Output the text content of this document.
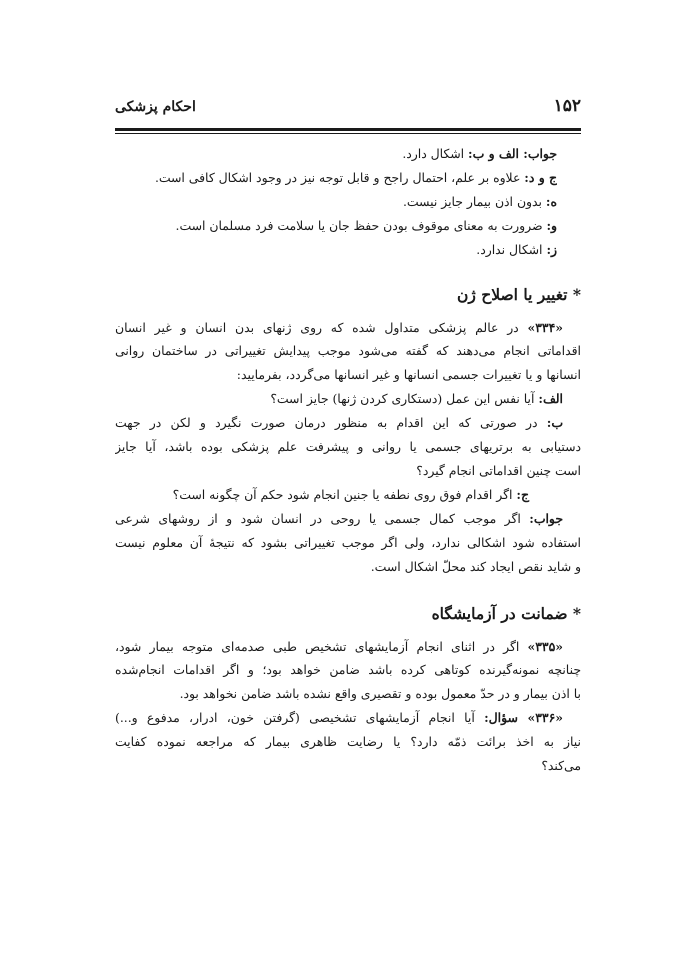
۱۵۲
احکام پزشکی
جواب: الف و ب: اشکال دارد.
ج و د: علاوه بر علم، احتمال راجح و قابل توجه نیز در وجود اشکال کافی است.
ه: بدون اذن بیمار جایز نیست.
و: ضرورت به معنای موقوف بودن حفظ جان یا سلامت فرد مسلمان است.
ز: اشکال ندارد.
* تغییر یا اصلاح ژن
«۳۳۴» در عالم پزشکی متداول شده که روی ژنهای بدن انسان و غیر انسان
اقداماتی انجام می‌دهند که گفته می‌شود موجب پیدایش تغییراتی در ساختمان روانی
انسانها و یا تغییرات جسمی انسانها و غیر انسانها می‌گردد، بفرمایید:
الف: آیا نفس این عمل (دستکاری کردن ژنها) جایز است؟
ب: در صورتی که این اقدام به منظور درمان صورت نگیرد و لکن در جهت
دستیابی به برتریهای جسمی یا روانی و پیشرفت علم پزشکی بوده باشد، آیا جایز
است چنین اقداماتی انجام گیرد؟
ج: اگر اقدام فوق روی نطفه یا جنین انجام شود حکم آن چگونه است؟
جواب: اگر موجب کمال جسمی یا روحی در انسان شود و از روشهای شرعی
استفاده شود اشکالی ندارد، ولی اگر موجب تغییراتی بشود که نتیجهٔ آن معلوم نیست
و شاید نقص ایجاد کند محلّ اشکال است.
* ضمانت در آزمایشگاه
«۳۳۵» اگر در اثنای انجام آزمایشهای تشخیص طبی صدمه‌ای متوجه بیمار شود،
چنانچه نمونه‌گیرنده کوتاهی کرده باشد ضامن خواهد بود؛ و اگر اقدامات انجام‌شده
با اذن بیمار و در حدّ معمول بوده و تقصیری واقع نشده باشد ضامن نخواهد بود.
«۳۳۶» سؤال: آیا انجام آزمایشهای تشخیصی (گرفتن خون، ادرار، مدفوع و...)
نیاز به اخذ برائت ذمّه دارد؟ یا رضایت ظاهری بیمار که مراجعه نموده کفایت
می‌کند؟
